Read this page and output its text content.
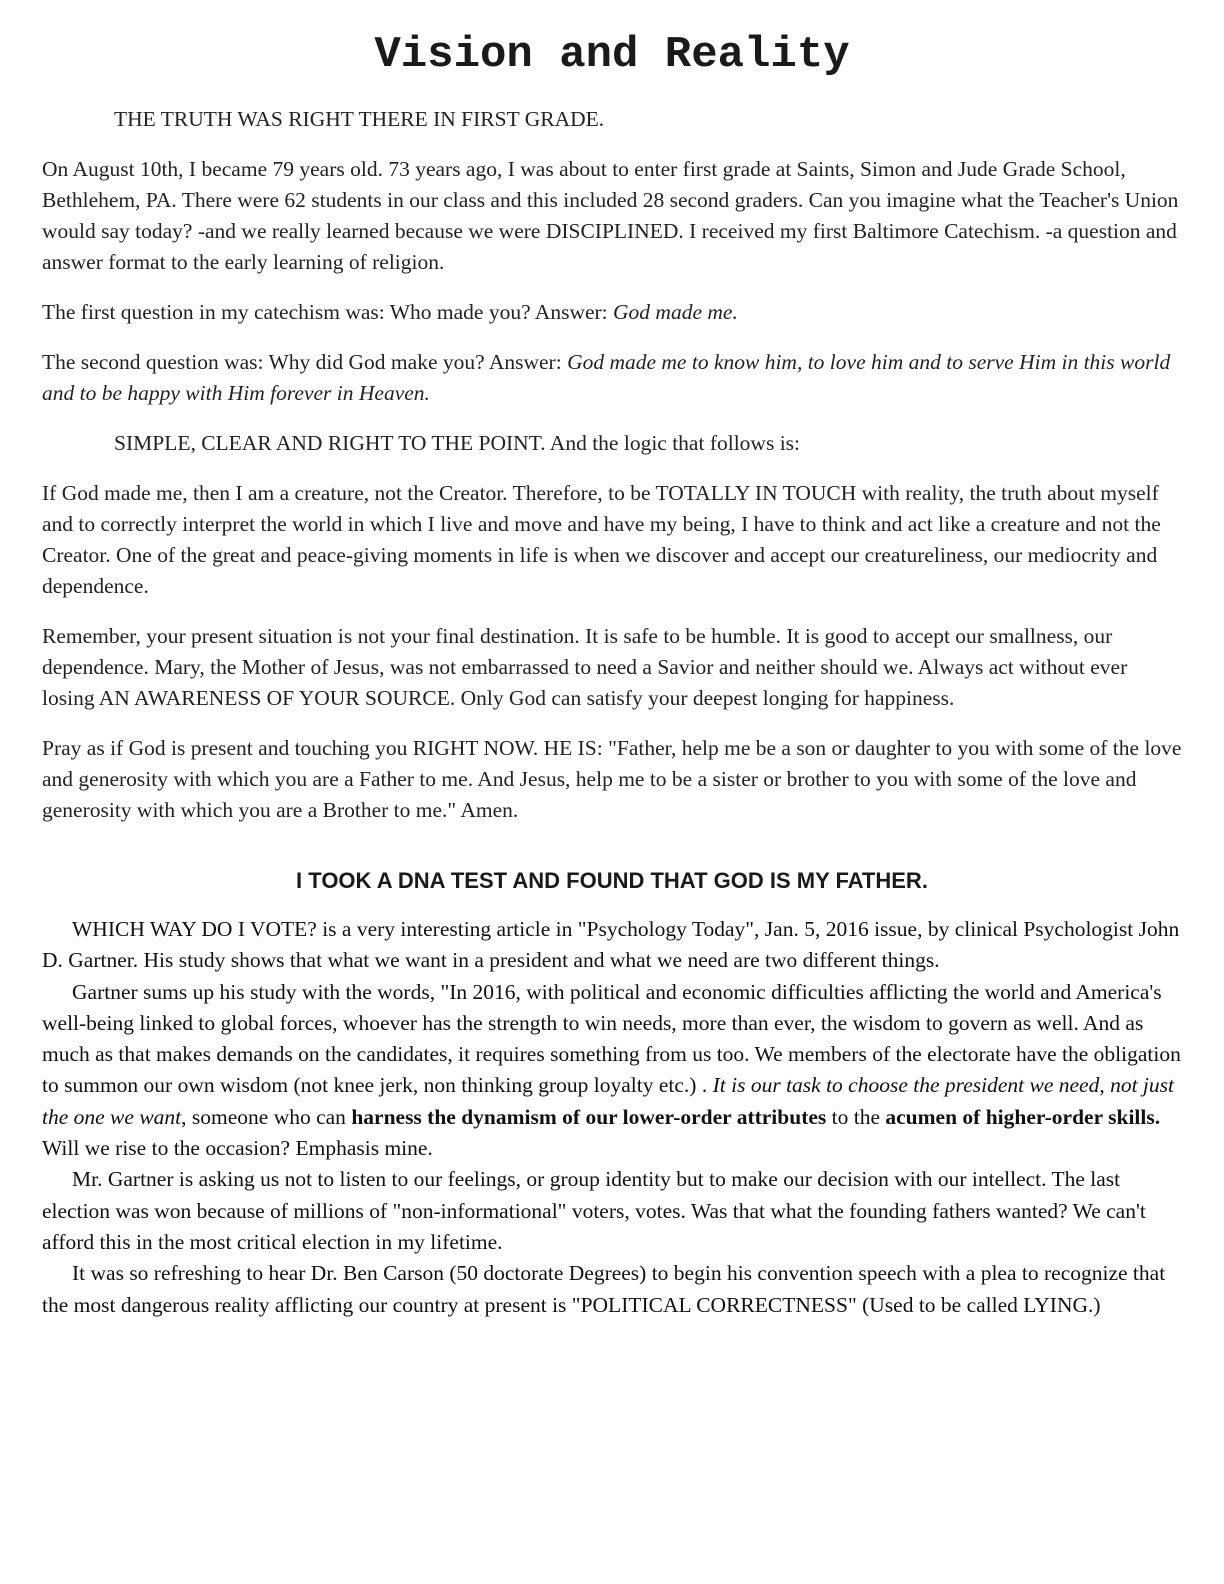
Vision and Reality
THE TRUTH WAS RIGHT THERE IN FIRST GRADE.
On August 10th, I became 79 years old. 73 years ago, I was about to enter first grade at Saints, Simon and Jude Grade School, Bethlehem, PA. There were 62 students in our class and this included 28 second graders. Can you imagine what the Teacher's Union would say today? -and we really learned because we were DISCIPLINED. I received my first Baltimore Catechism. -a question and answer format to the early learning of religion.
The first question in my catechism was: Who made you? Answer: God made me.
The second question was: Why did God make you? Answer: God made me to know him, to love him and to serve Him in this world and to be happy with Him forever in Heaven.
SIMPLE, CLEAR AND RIGHT TO THE POINT. And the logic that follows is:
If God made me, then I am a creature, not the Creator. Therefore, to be TOTALLY IN TOUCH with reality, the truth about myself and to correctly interpret the world in which I live and move and have my being, I have to think and act like a creature and not the Creator. One of the great and peace-giving moments in life is when we discover and accept our creatureliness, our mediocrity and dependence.
Remember, your present situation is not your final destination. It is safe to be humble. It is good to accept our smallness, our dependence. Mary, the Mother of Jesus, was not embarrassed to need a Savior and neither should we. Always act without ever losing AN AWARENESS OF YOUR SOURCE. Only God can satisfy your deepest longing for happiness.
Pray as if God is present and touching you RIGHT NOW. HE IS: "Father, help me be a son or daughter to you with some of the love and generosity with which you are a Father to me. And Jesus, help me to be a sister or brother to you with some of the love and generosity with which you are a Brother to me." Amen.
I TOOK A DNA TEST AND FOUND THAT GOD IS MY FATHER.
WHICH WAY DO I VOTE? is a very interesting article in "Psychology Today", Jan. 5, 2016 issue, by clinical Psychologist John D. Gartner. His study shows that what we want in a president and what we need are two different things.
Gartner sums up his study with the words, "In 2016, with political and economic difficulties afflicting the world and America's well-being linked to global forces, whoever has the strength to win needs, more than ever, the wisdom to govern as well. And as much as that makes demands on the candidates, it requires something from us too. We members of the electorate have the obligation to summon our own wisdom (not knee jerk, non thinking group loyalty etc.) . It is our task to choose the president we need, not just the one we want, someone who can harness the dynamism of our lower-order attributes to the acumen of higher-order skills. Will we rise to the occasion? Emphasis mine.
Mr. Gartner is asking us not to listen to our feelings, or group identity but to make our decision with our intellect. The last election was won because of millions of "non-informational" voters, votes. Was that what the founding fathers wanted? We can't afford this in the most critical election in my lifetime.
It was so refreshing to hear Dr. Ben Carson (50 doctorate Degrees) to begin his convention speech with a plea to recognize that the most dangerous reality afflicting our country at present is "POLITICAL CORRECTNESS" (Used to be called LYING.)
